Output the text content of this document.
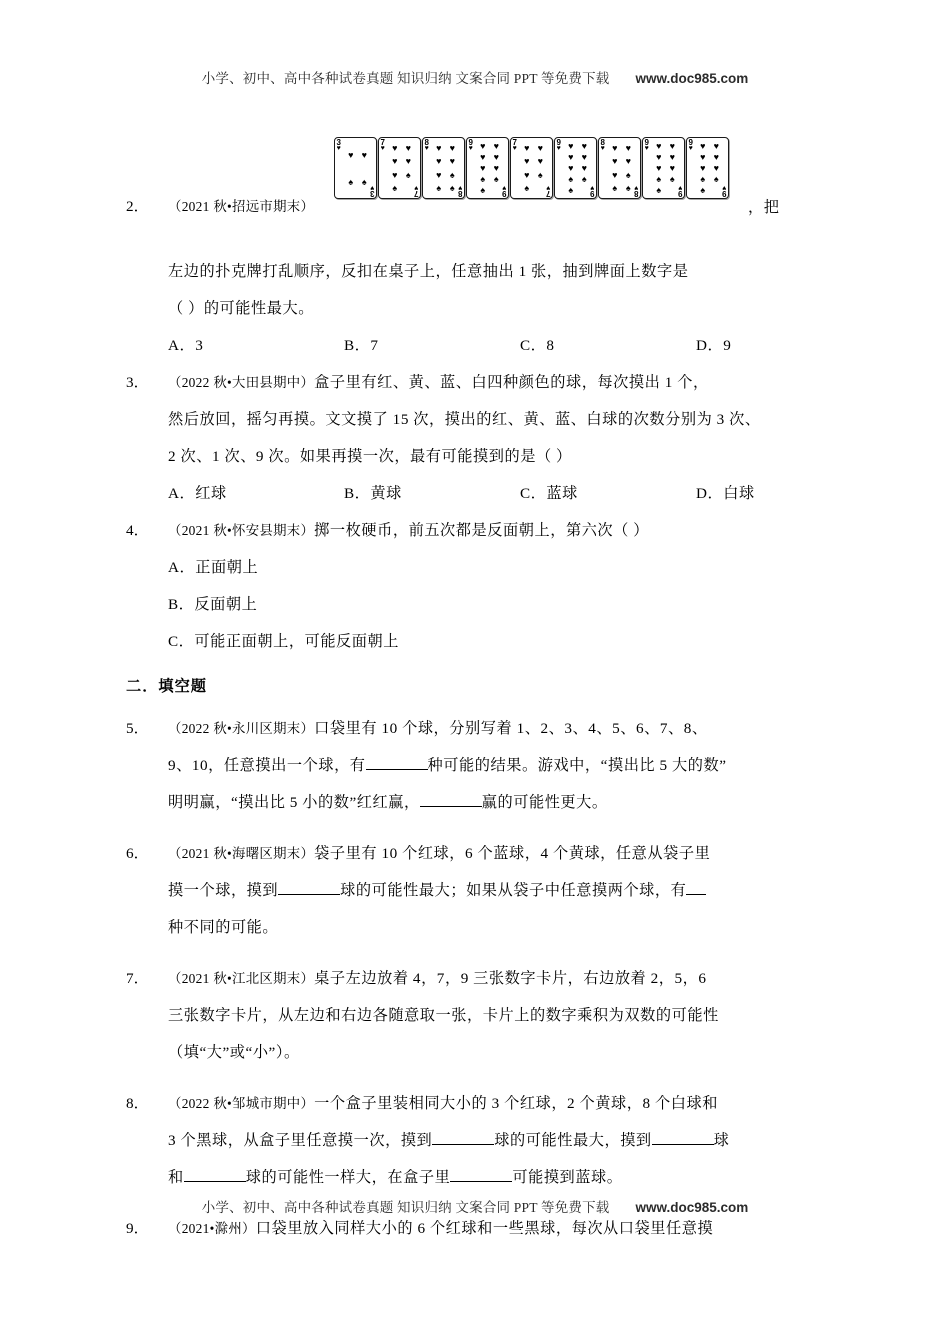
小学、初中、高中各种试卷真题 知识归纳 文案合同 PPT 等免费下载 www.doc985.com
3
♥
3
♥
♥ ♥
♠ ♠
7
♥
7
♥
♥ ♥
♥ ♥
♥ ♠
♠
8
♥
8
♥
♥ ♥
♥ ♥
♥ ♠
♠ ♠
9
♥
9
♥
♥ ♥
♥ ♥
♥ ♥
♠ ♠
♠
7
♥
7
♥
♥ ♥
♥ ♥
♥ ♠
♠
9
♥
9
♥
♥ ♥
♥ ♥
♥ ♥
♠ ♠
♠
8
♥
8
♥
♥ ♥
♥ ♥
♥ ♠
♠ ♠
9
♥
9
♥
♥ ♥
♥ ♥
♥ ♥
♠ ♠
♠
9
♥
9
♥
♥ ♥
♥ ♥
♥ ♥
♠ ♠
♠
，把
2． （2021 秋•招远市期末）
左边的扑克牌打乱顺序，反扣在桌子上，任意抽出 1 张，抽到牌面上数字是
（ ）的可能性最大。
A．3	B．7	C．8	D．9
3． （2022 秋•大田县期中）盒子里有红、黄、蓝、白四种颜色的球，每次摸出 1 个，
然后放回，摇匀再摸。文文摸了 15 次，摸出的红、黄、蓝、白球的次数分别为 3 次、
2 次、1 次、9 次。如果再摸一次，最有可能摸到的是（ ）
A．红球	B．黄球	C．蓝球	D．白球
4． （2021 秋•怀安县期末）掷一枚硬币，前五次都是反面朝上，第六次（ ）
A．正面朝上
B．反面朝上
C．可能正面朝上，可能反面朝上
二．填空题
5． （2022 秋•永川区期末）口袋里有 10 个球，分别写着 1、2、3、4、5、6、7、8、
9、10，任意摸出一个球，有	种可能的结果。游戏中，“摸出比 5 大的数”
明明赢，“摸出比 5 小的数”红红赢，	赢的可能性更大。
6． （2021 秋•海曙区期末）袋子里有 10 个红球，6 个蓝球，4 个黄球，任意从袋子里
摸一个球，摸到	球的可能性最大；如果从袋子中任意摸两个球，有
种不同的可能。
7． （2021 秋•江北区期末）桌子左边放着 4，7，9 三张数字卡片，右边放着 2，5，6
三张数字卡片，从左边和右边各随意取一张，卡片上的数字乘积为双数的可能性
（填“大”或“小”）。
8． （2022 秋•邹城市期中）一个盒子里装相同大小的 3 个红球，2 个黄球，8 个白球和
3 个黑球，从盒子里任意摸一次，摸到	球的可能性最大，摸到	球
和	球的可能性一样大，在盒子里	可能摸到蓝球。
9． （2021•滁州）口袋里放入同样大小的 6 个红球和一些黑球，每次从口袋里任意摸
小学、初中、高中各种试卷真题 知识归纳 文案合同 PPT 等免费下载 www.doc985.com
